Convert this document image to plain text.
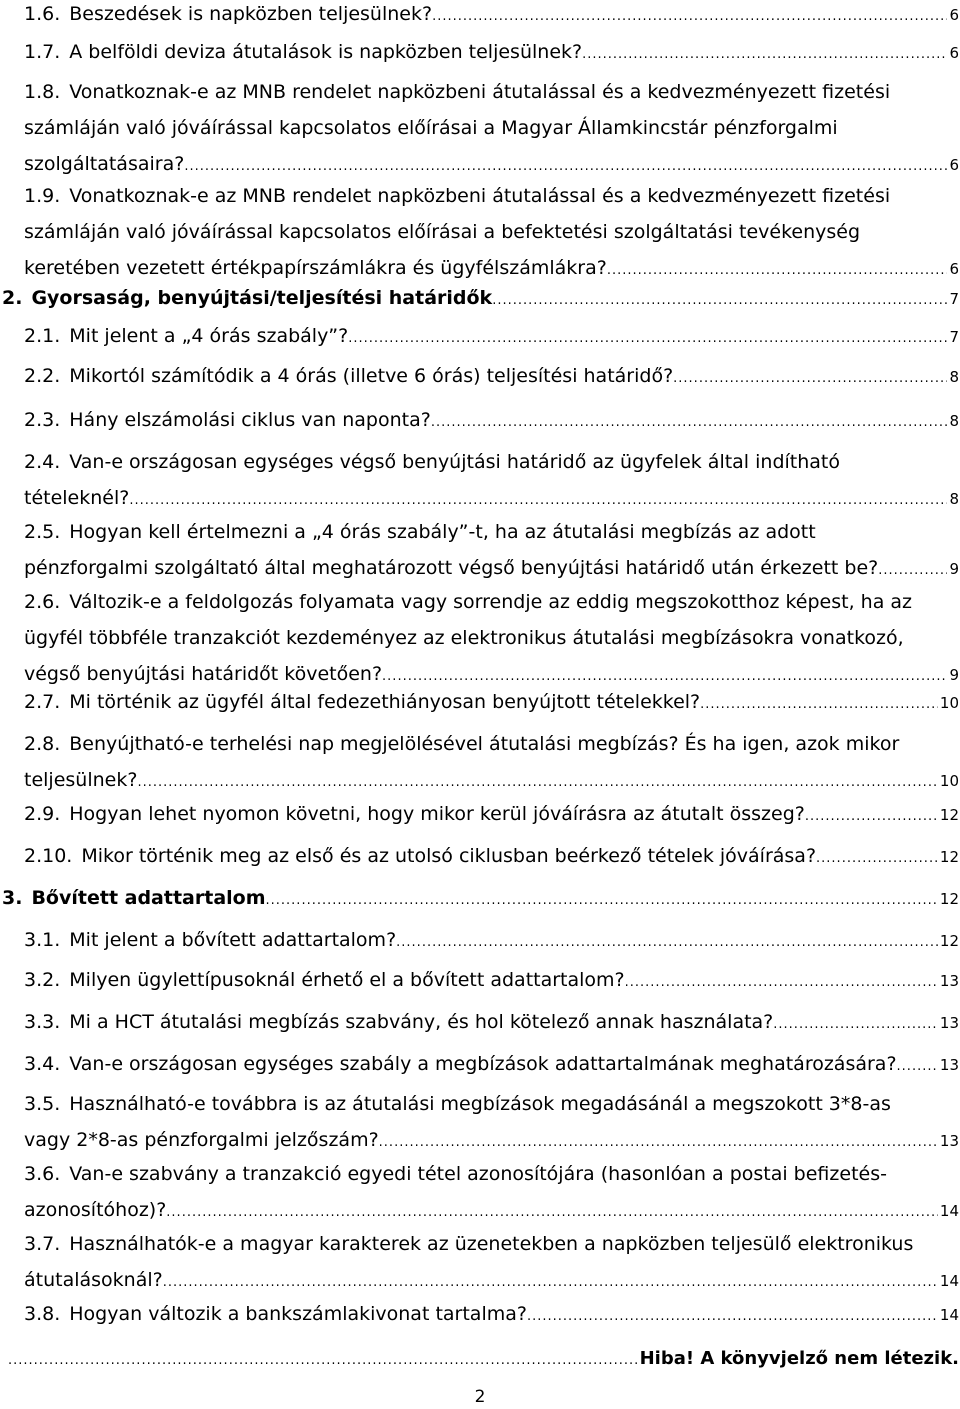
1.6. Beszedések is napközben teljesülnek? .....	6
1.7. A belföldi deviza átutalások is napközben teljesülnek? .....	6
1.8. Vonatkoznak-e az MNB rendelet napközbeni átutalással és a kedvezményezett fizetési
számláján való jóváírással kapcsolatos előírásai a Magyar Államkincstár pénzforgalmi
szolgáltatásaira? .....	6
1.9. Vonatkoznak-e az MNB rendelet napközbeni átutalással és a kedvezményezett fizetési
számláján való jóváírással kapcsolatos előírásai a befektetési szolgáltatási tevékenység
keretében vezetett értékpapírszámlákra és ügyfélszámlákra? .....	6
2. Gyorsaság, benyújtási/teljesítési határidők .....	7
2.1. Mit jelent a „4 órás szabály”? .....	7
2.2. Mikortól számítódik a 4 órás (illetve 6 órás) teljesítési határidő? .....	8
2.3. Hány elszámolási ciklus van naponta? .....	8
2.4. Van-e országosan egységes végső benyújtási határidő az ügyfelek által indítható
tételeknél? .....	8
2.5. Hogyan kell értelmezni a „4 órás szabály”-t, ha az átutalási megbízás az adott
pénzforgalmi szolgáltató által meghatározott végső benyújtási határidő után érkezett be? .....	9
2.6. Változik-e a feldolgozás folyamata vagy sorrendje az eddig megszokotthoz képest, ha az
ügyfél többféle tranzakciót kezdeményez az elektronikus átutalási megbízásokra vonatkozó,
végső benyújtási határidőt követően? .....	9
2.7. Mi történik az ügyfél által fedezethiányosan benyújtott tételekkel? .....	10
2.8. Benyújtható-e terhelési nap megjelölésével átutalási megbízás? És ha igen, azok mikor
teljesülnek? .....	10
2.9. Hogyan lehet nyomon követni, hogy mikor kerül jóváírásra az átutalt összeg? .....	12
2.10. Mikor történik meg az első és az utolsó ciklusban beérkező tételek jóváírása? .....	12
3. Bővített adattartalom .....	12
3.1. Mit jelent a bővített adattartalom? .....	12
3.2. Milyen ügylettípusoknál érhető el a bővített adattartalom? .....	13
3.3. Mi a HCT átutalási megbízás szabvány, és hol kötelező annak használata? .....	13
3.4. Van-e országosan egységes szabály a megbízások adattartalmának meghatározására? .....	13
3.5. Használható-e továbbra is az átutalási megbízások megadásánál a megszokott 3*8-as
vagy 2*8-as pénzforgalmi jelzőszám? .....	13
3.6. Van-e szabvány a tranzakció egyedi tétel azonosítójára (hasonlóan a postai befizetés-
azonosítóhoz)? .....	14
3.7. Használhatók-e a magyar karakterek az üzenetekben a napközben teljesülő elektronikus
átutalásoknál? .....	14
3.8. Hogyan változik a bankszámlakivonat tartalma? .....	14
.....
Hiba! A könyvjelző nem létezik.
2
